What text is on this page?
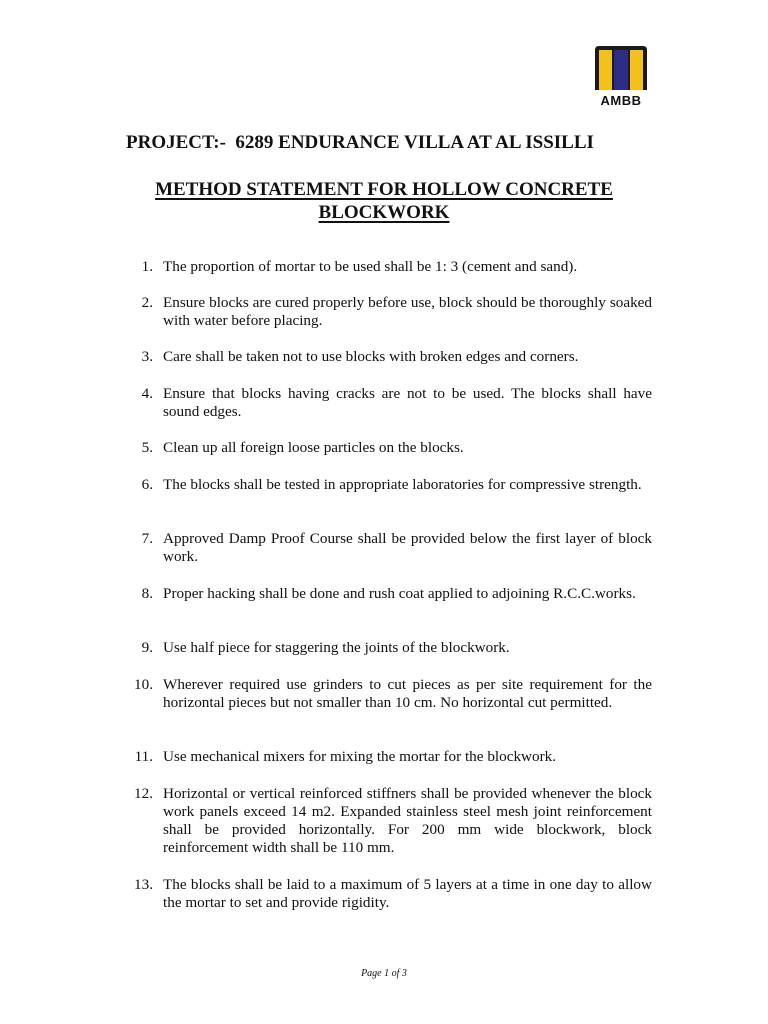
AMBB
PROJECT:-  6289 ENDURANCE VILLA AT AL ISSILLI
METHOD STATEMENT FOR HOLLOW CONCRETE
BLOCKWORK
1. The proportion of mortar to be used shall be 1: 3 (cement and sand).
2. Ensure blocks are cured properly before use, block should be thoroughly soaked with water before placing.
3. Care shall be taken not to use blocks with broken edges and corners.
4. Ensure that blocks having cracks are not to be used. The blocks shall have sound edges.
5. Clean up all foreign loose particles on the blocks.
6. The blocks shall be tested in appropriate laboratories for compressive strength.
7. Approved Damp Proof Course shall be provided below the first layer of block work.
8. Proper hacking shall be done and rush coat applied to adjoining R.C.C.works.
9. Use half piece for staggering the joints of the blockwork.
10. Wherever required use grinders to cut pieces as per site requirement for the horizontal pieces but not smaller than 10 cm. No horizontal cut permitted.
11. Use mechanical mixers for mixing the mortar for the blockwork.
12. Horizontal or vertical reinforced stiffners shall be provided whenever the block work panels exceed 14 m2. Expanded stainless steel mesh joint reinforcement shall be provided horizontally. For 200 mm wide blockwork, block reinforcement width shall be 110 mm.
13. The blocks shall be laid to a maximum of 5 layers at a time in one day to allow the mortar to set and provide rigidity.
Page 1 of 3
